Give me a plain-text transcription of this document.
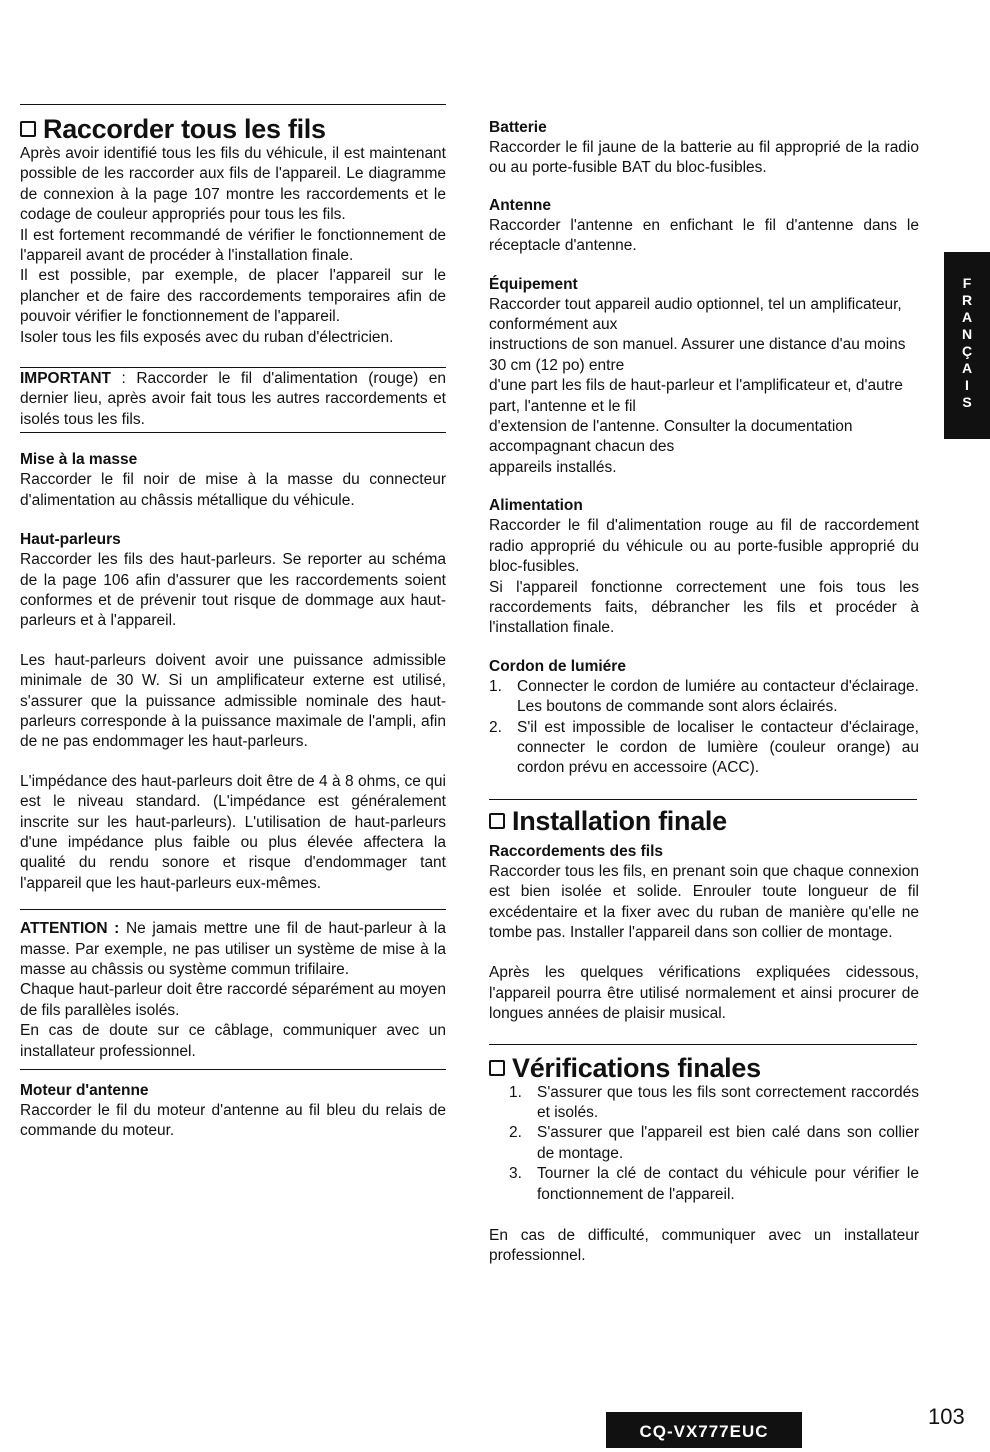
Raccorder tous les fils

Après avoir identifié tous les fils du véhicule, il est maintenant possible de les raccorder aux fils de l'appareil. Le diagramme de connexion à la page 107 montre les raccordements et le codage de couleur appropriés pour tous les fils.

Il est fortement recommandé de vérifier le fonctionnement de l'appareil avant de procéder à l'installation finale.

Il est possible, par exemple, de placer l'appareil sur le plancher et de faire des raccordements temporaires afin de pouvoir vérifier le fonctionnement de l'appareil.

Isoler tous les fils exposés avec du ruban d'électricien.

IMPORTANT : Raccorder le fil d'alimentation (rouge) en dernier lieu, après avoir fait tous les autres raccordements et isolés tous les fils.

Mise à la masse

Raccorder le fil noir de mise à la masse du connecteur d'alimentation au châssis métallique du véhicule.

Haut-parleurs

Raccorder les fils des haut-parleurs. Se reporter au schéma de la page 106 afin d'assurer que les raccordements soient conformes et de prévenir tout risque de dommage aux haut-parleurs et à l'appareil.

Les haut-parleurs doivent avoir une puissance admissible minimale de 30 W. Si un amplificateur externe est utilisé, s'assurer que la puissance admissible nominale des haut-parleurs corresponde à la puissance maximale de l'ampli, afin de ne pas endommager les haut-parleurs.

L'impédance des haut-parleurs doit être de 4 à 8 ohms, ce qui est le niveau standard. (L'impédance est généralement inscrite sur les haut-parleurs). L'utilisation de haut-parleurs d'une impédance plus faible ou plus élevée affectera la qualité du rendu sonore et risque d'endommager tant l'appareil que les haut-parleurs eux-mêmes.

ATTENTION : Ne jamais mettre une fil de haut-parleur à la masse. Par exemple, ne pas utiliser un système de mise à la masse au châssis ou système commun trifilaire.

Chaque haut-parleur doit être raccordé séparément au moyen de fils parallèles isolés.

En cas de doute sur ce câblage, communiquer avec un installateur professionnel.

Moteur d'antenne

Raccorder le fil du moteur d'antenne au fil bleu du relais de commande du moteur.

Batterie

Raccorder le fil jaune de la batterie au fil approprié de la radio ou au porte-fusible BAT du bloc-fusibles.

Antenne

Raccorder l'antenne en enfichant le fil d'antenne dans le réceptacle d'antenne.

Équipement

Raccorder tout appareil audio optionnel, tel un amplificateur, conformément aux

instructions de son manuel. Assurer une distance d'au moins 30 cm (12 po) entre

d'une part les fils de haut-parleur et l'amplificateur et, d'autre part, l'antenne et le fil

d'extension de l'antenne. Consulter la documentation accompagnant chacun des

appareils installés.

Alimentation

Raccorder le fil d'alimentation rouge au fil de raccordement radio approprié du véhicule ou au porte-fusible approprié du bloc-fusibles.

Si l'appareil fonctionne correctement une fois tous les raccordements faits, débrancher les fils et procéder à l'installation finale.

Cordon de lumiére
1. Connecter le cordon de lumiére au contacteur d'éclairage. Les boutons de commande sont alors éclairés.
2. S'il est impossible de localiser le contacteur d'éclairage, connecter le cordon de lumière (couleur orange) au cordon prévu en accessoire (ACC).
Installation finale
Raccordements des fils

Raccorder tous les fils, en prenant soin que chaque connexion est bien isolée et solide. Enrouler toute longueur de fil excédentaire et la fixer avec du ruban de manière qu'elle ne tombe pas. Installer l'appareil dans son collier de montage.

Après les quelques vérifications expliquées cidessous, l'appareil pourra être utilisé normalement et ainsi procurer de longues années de plaisir musical.

Vérifications finales
1. S'assurer que tous les fils sont correctement raccordés et isolés.
2. S'assurer que l'appareil est bien calé dans son collier de montage.
3. Tourner la clé de contact du véhicule pour vérifier le fonctionnement de l'appareil.

En cas de difficulté, communiquer avec un installateur professionnel.

F
R
A
N
Ç
A
I
S
CQ-VX777EUC
103
